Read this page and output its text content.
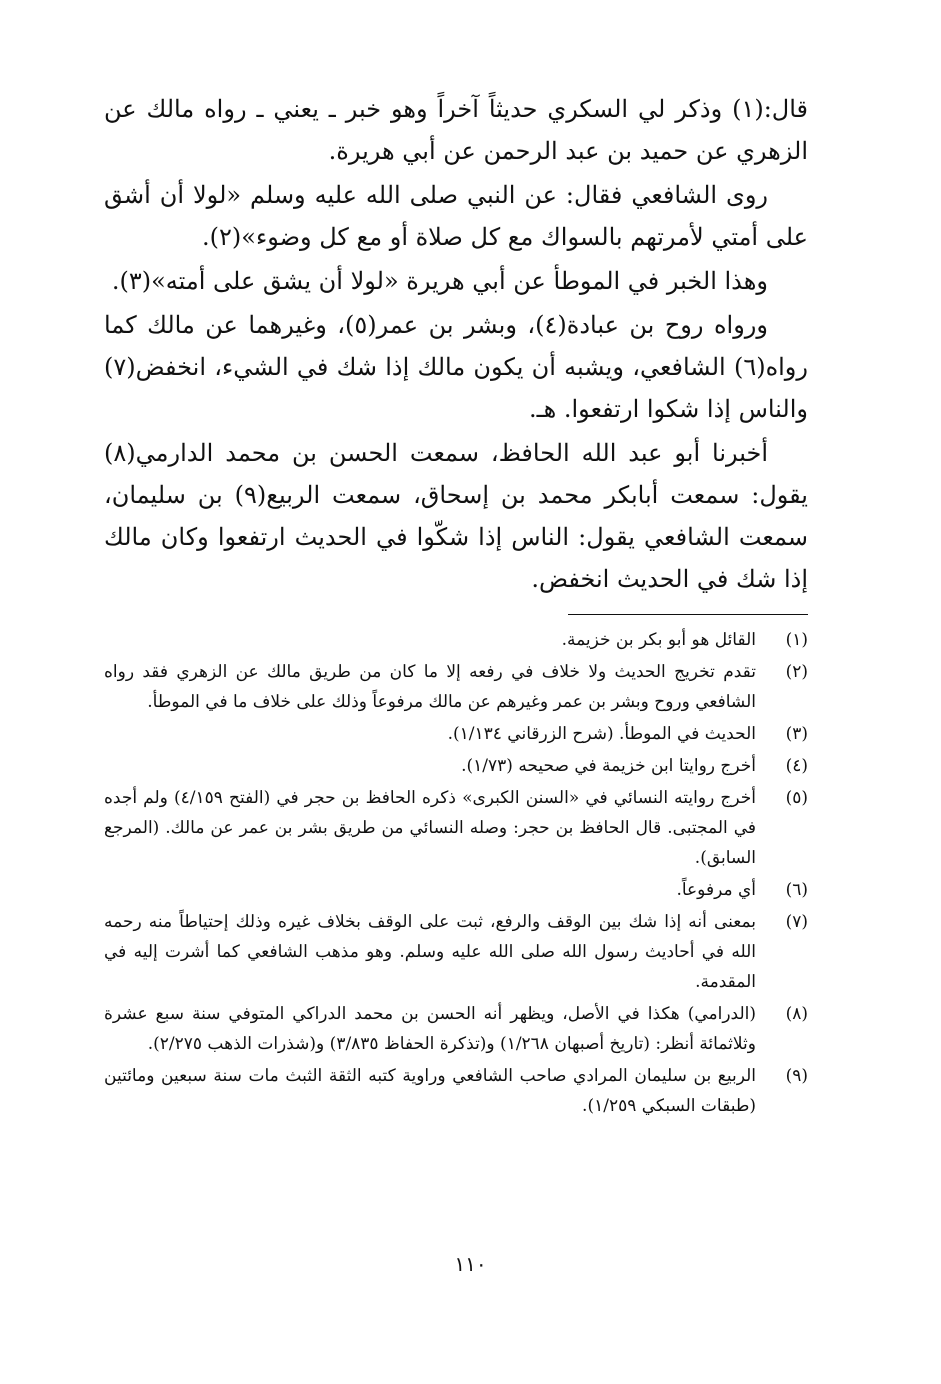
قال:(١) وذكر لي السكري حديثاً آخراً وهو خبر ـ يعني ـ رواه مالك عن الزهري عن حميد بن عبد الرحمن عن أبي هريرة.

روى الشافعي فقال: عن النبي صلى الله عليه وسلم «لولا أن أشق على أمتي لأمرتهم بالسواك مع كل صلاة أو مع كل وضوء»(٢).

وهذا الخبر في الموطأ عن أبي هريرة «لولا أن يشق على أمته»(٣).

ورواه روح بن عبادة(٤)، وبشر بن عمر(٥)، وغيرهما عن مالك كما رواه(٦) الشافعي، ويشبه أن يكون مالك إذا شك في الشيء، انخفض(٧) والناس إذا شكوا ارتفعوا. هـ.

أخبرنا أبو عبد الله الحافظ، سمعت الحسن بن محمد الدارمي(٨) يقول: سمعت أبابكر محمد بن إسحاق، سمعت الربيع(٩) بن سليمان، سمعت الشافعي يقول: الناس إذا شكّوا في الحديث ارتفعوا وكان مالك إذا شك في الحديث انخفض.

(١)
القائل هو أبو بكر بن خزيمة.
(٢)
تقدم تخريج الحديث ولا خلاف في رفعه إلا ما كان من طريق مالك عن الزهري فقد رواه الشافعي وروح وبشر بن عمر وغيرهم عن مالك مرفوعاً وذلك على خلاف ما في الموطأ.
(٣)
الحديث في الموطأ. (شرح الزرقاني ١/١٣٤).
(٤)
أخرج روايتا ابن خزيمة في صحيحه (١/٧٣).
(٥)
أخرج روايته النسائي في «السنن الكبرى» ذكره الحافظ بن حجر في (الفتح ٤/١٥٩) ولم أجده في المجتبى. قال الحافظ بن حجر: وصله النسائي من طريق بشر بن عمر عن مالك. (المرجع السابق).
(٦)
أي مرفوعاً.
(٧)
بمعنى أنه إذا شك بين الوقف والرفع، ثبت على الوقف بخلاف غيره وذلك إحتياطاً منه رحمه الله في أحاديث رسول الله صلى الله عليه وسلم. وهو مذهب الشافعي كما أشرت إليه في المقدمة.
(٨)
(الدرامي) هكذا في الأصل، ويظهر أنه الحسن بن محمد الدراكي المتوفي سنة سبع عشرة وثلاثمائة أنظر: (تاريخ أصبهان ١/٢٦٨) و(تذكرة الحفاظ ٣/٨٣٥) و(شذرات الذهب ٢/٢٧٥).
(٩)
الربيع بن سليمان المرادي صاحب الشافعي وراوية كتبه الثقة الثبث مات سنة سبعين ومائتين (طبقات السبكي ١/٢٥٩).
١١٠
